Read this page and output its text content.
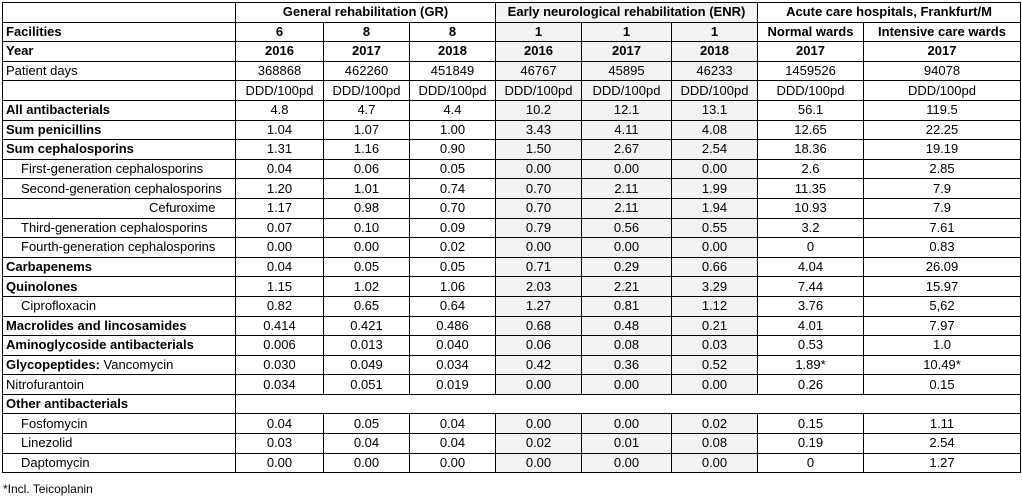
	General rehabilitation (GR)			Early neurological rehabilitation (ENR)			Acute care hospitals, Frankfurt/M	
Facilities	6	8	8	1	1	1	Normal wards	Intensive care wards
Year	2016	2017	2018	2016	2017	2018	2017	2017
Patient days	368868	462260	451849	46767	45895	46233	1459526	94078
	DDD/100pd	DDD/100pd	DDD/100pd	DDD/100pd	DDD/100pd	DDD/100pd	DDD/100pd	DDD/100pd
All antibacterials	4.8	4.7	4.4	10.2	12.1	13.1	56.1	119.5
Sum penicillins	1.04	1.07	1.00	3.43	4.11	4.08	12.65	22.25
Sum cephalosporins	1.31	1.16	0.90	1.50	2.67	2.54	18.36	19.19
First-generation cephalosporins	0.04	0.06	0.05	0.00	0.00	0.00	2.6	2.85
Second-generation cephalosporins	1.20	1.01	0.74	0.70	2.11	1.99	11.35	7.9
Cefuroxime	1.17	0.98	0.70	0.70	2.11	1.94	10.93	7.9
Third-generation cephalosporins	0.07	0.10	0.09	0.79	0.56	0.55	3.2	7.61
Fourth-generation cephalosporins	0.00	0.00	0.02	0.00	0.00	0.00	0	0.83
Carbapenems	0.04	0.05	0.05	0.71	0.29	0.66	4.04	26.09
Quinolones	1.15	1.02	1.06	2.03	2.21	3.29	7.44	15.97
Ciprofloxacin	0.82	0.65	0.64	1.27	0.81	1.12	3.76	5,62
Macrolides and lincosamides	0.414	0.421	0.486	0.68	0.48	0.21	4.01	7.97
Aminoglycoside antibacterials	0.006	0.013	0.040	0.06	0.08	0.03	0.53	1.0
Glycopeptides: Vancomycin	0.030	0.049	0.034	0.42	0.36	0.52	1.89*	10.49*
Nitrofurantoin	0.034	0.051	0.019	0.00	0.00	0.00	0.26	0.15
Other antibacterials								
Fosfomycin	0.04	0.05	0.04	0.00	0.00	0.02	0.15	1.11
Linezolid	0.03	0.04	0.04	0.02	0.01	0.08	0.19	2.54
Daptomycin	0.00	0.00	0.00	0.00	0.00	0.00	0	1.27
*Incl. Teicoplanin
